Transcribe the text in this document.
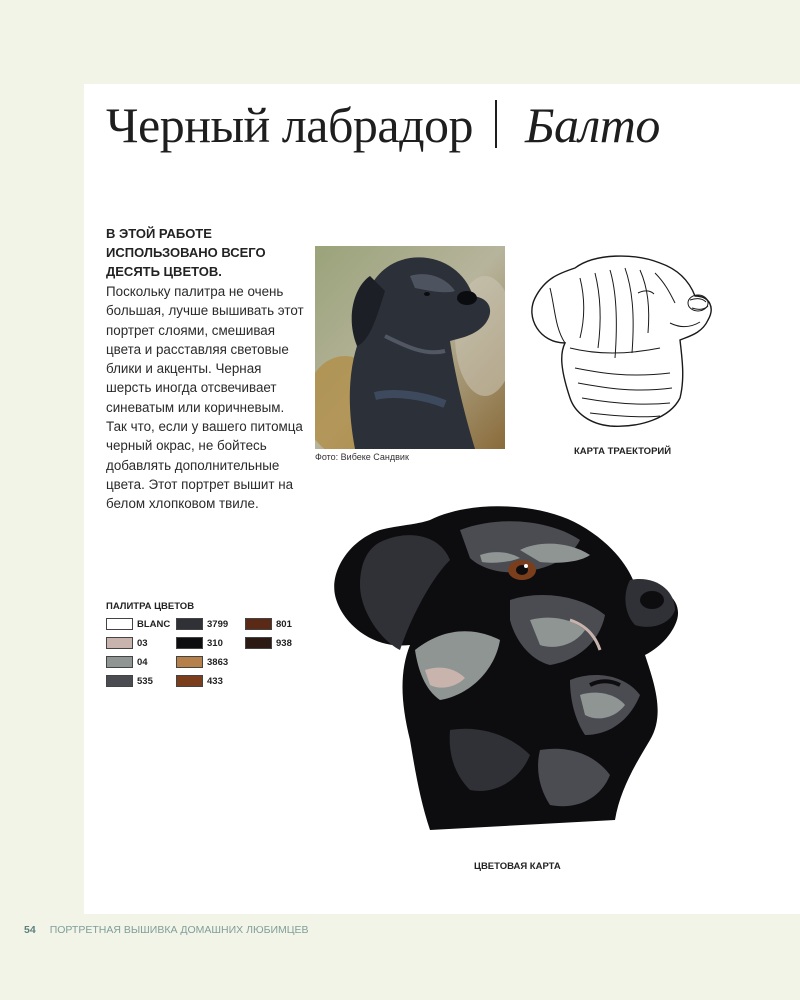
Черный лабрадор Балто
В ЭТОЙ РАБОТЕ ИСПОЛЬЗОВАНО ВСЕГО ДЕСЯТЬ ЦВЕТОВ.
Поскольку палитра не очень большая, лучше вышивать этот портрет слоями, смешивая цвета и расставляя световые блики и акценты. Черная шерсть иногда отсвечивает синеватым или коричневым. Так что, если у вашего питомца черный окрас, не бойтесь добавлять дополнительные цвета. Этот портрет вышит на белом хлопковом твиле.
Фото: Вибеке Сандвик	КАРТА ТРАЕКТОРИЙ
ЦВЕТОВАЯ КАРТА
ПАЛИТРА ЦВЕТОВ
BLANC
03
04
535
3799
310
3863
433
801
938
54 ПОРТРЕТНАЯ ВЫШИВКА ДОМАШНИХ ЛЮБИМЦЕВ
